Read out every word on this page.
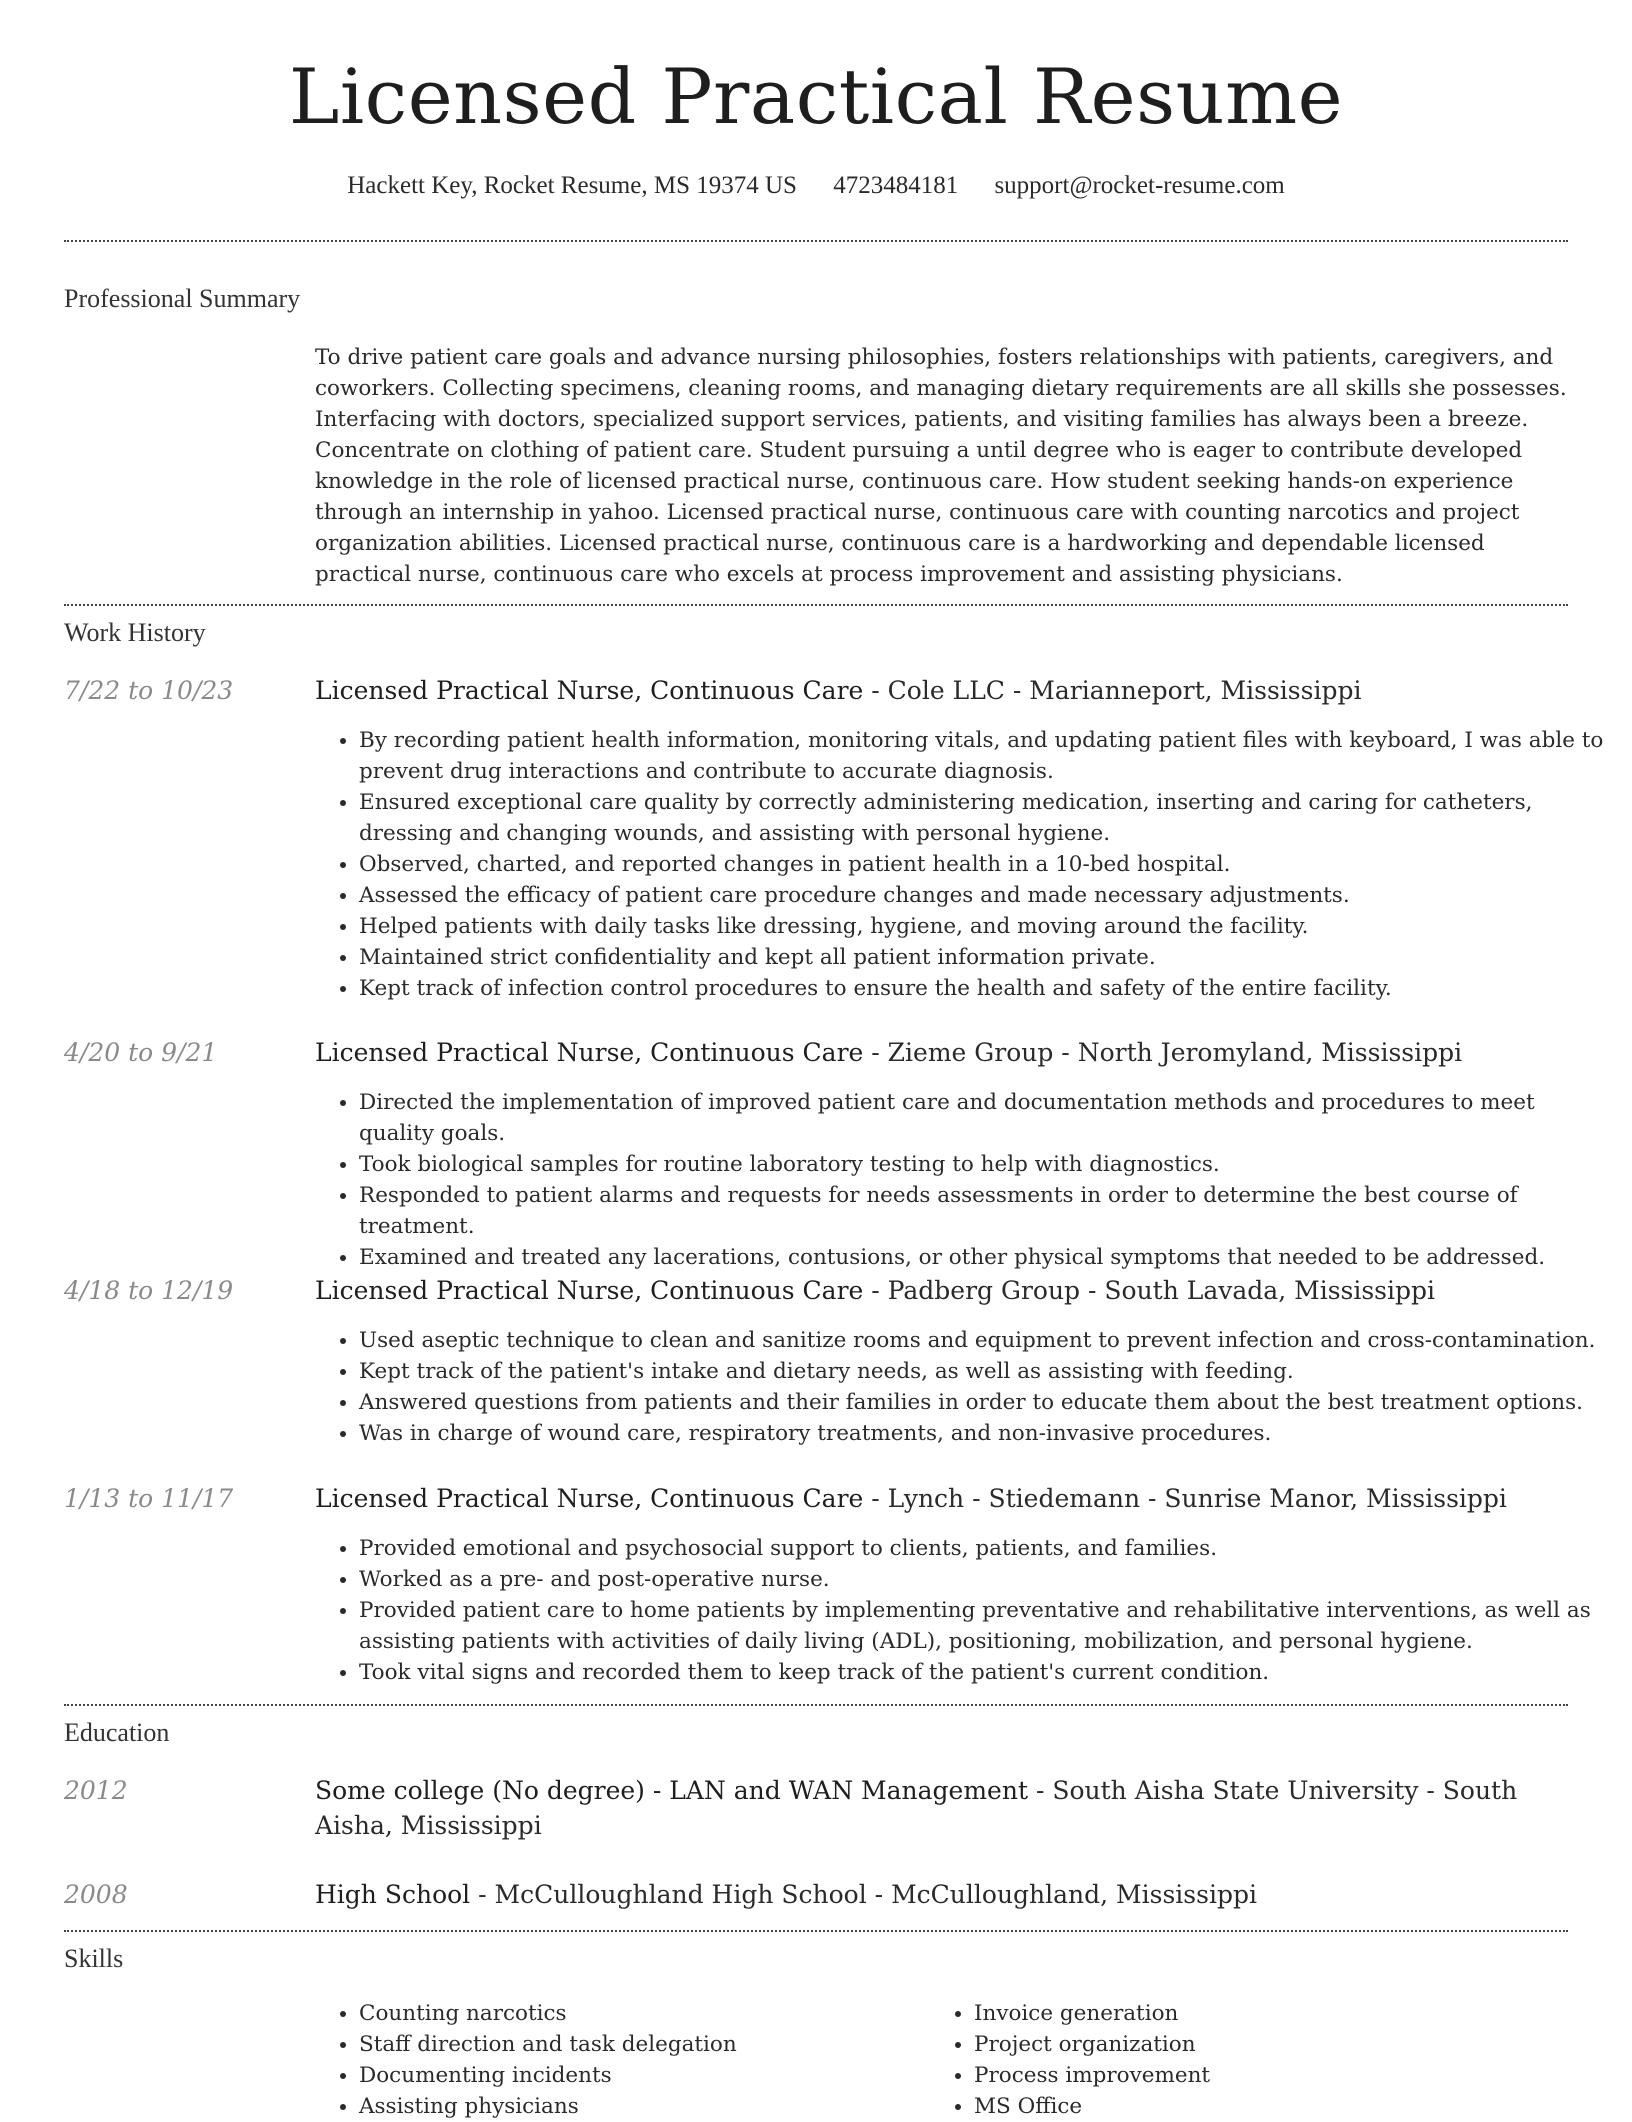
Licensed Practical Resume
Hackett Key, Rocket Resume, MS 19374 US 4723484181 support@rocket-resume.com
Professional Summary

To drive patient care goals and advance nursing philosophies, fosters relationships with patients, caregivers, and coworkers. Collecting specimens, cleaning rooms, and managing dietary requirements are all skills she possesses. Interfacing with doctors, specialized support services, patients, and visiting families has always been a breeze. Concentrate on clothing of patient care. Student pursuing a until degree who is eager to contribute developed knowledge in the role of licensed practical nurse, continuous care. How student seeking hands-on experience through an internship in yahoo. Licensed practical nurse, continuous care with counting narcotics and project organization abilities. Licensed practical nurse, continuous care is a hardworking and dependable licensed practical nurse, continuous care who excels at process improvement and assisting physicians.

Work History
7/22 to 10/23	Licensed Practical Nurse, Continuous Care - Cole LLC - Marianneport, Mississippi
• By recording patient health information, monitoring vitals, and updating patient files with keyboard, I was able to prevent drug interactions and contribute to accurate diagnosis.
• Ensured exceptional care quality by correctly administering medication, inserting and caring for catheters, dressing and changing wounds, and assisting with personal hygiene.
• Observed, charted, and reported changes in patient health in a 10-bed hospital.
• Assessed the efficacy of patient care procedure changes and made necessary adjustments.
• Helped patients with daily tasks like dressing, hygiene, and moving around the facility.
• Maintained strict confidentiality and kept all patient information private.
• Kept track of infection control procedures to ensure the health and safety of the entire facility.
4/20 to 9/21	Licensed Practical Nurse, Continuous Care - Zieme Group - North Jeromyland, Mississippi
• Directed the implementation of improved patient care and documentation methods and procedures to meet quality goals.
• Took biological samples for routine laboratory testing to help with diagnostics.
• Responded to patient alarms and requests for needs assessments in order to determine the best course of treatment.
• Examined and treated any lacerations, contusions, or other physical symptoms that needed to be addressed.
4/18 to 12/19	Licensed Practical Nurse, Continuous Care - Padberg Group - South Lavada, Mississippi
• Used aseptic technique to clean and sanitize rooms and equipment to prevent infection and cross-contamination.
• Kept track of the patient's intake and dietary needs, as well as assisting with feeding.
• Answered questions from patients and their families in order to educate them about the best treatment options.
• Was in charge of wound care, respiratory treatments, and non-invasive procedures.
1/13 to 11/17	Licensed Practical Nurse, Continuous Care - Lynch - Stiedemann - Sunrise Manor, Mississippi
• Provided emotional and psychosocial support to clients, patients, and families.
• Worked as a pre- and post-operative nurse.
• Provided patient care to home patients by implementing preventative and rehabilitative interventions, as well as assisting patients with activities of daily living (ADL), positioning, mobilization, and personal hygiene.
• Took vital signs and recorded them to keep track of the patient's current condition.
Education
2012	Some college (No degree) - LAN and WAN Management - South Aisha State University - South Aisha, Mississippi
2008	High School - McCulloughland High School - McCulloughland, Mississippi
Skills
• Counting narcotics
• Staff direction and task delegation
• Documenting incidents
• Assisting physicians
• Invoice generation
• Project organization
• Process improvement
• MS Office
